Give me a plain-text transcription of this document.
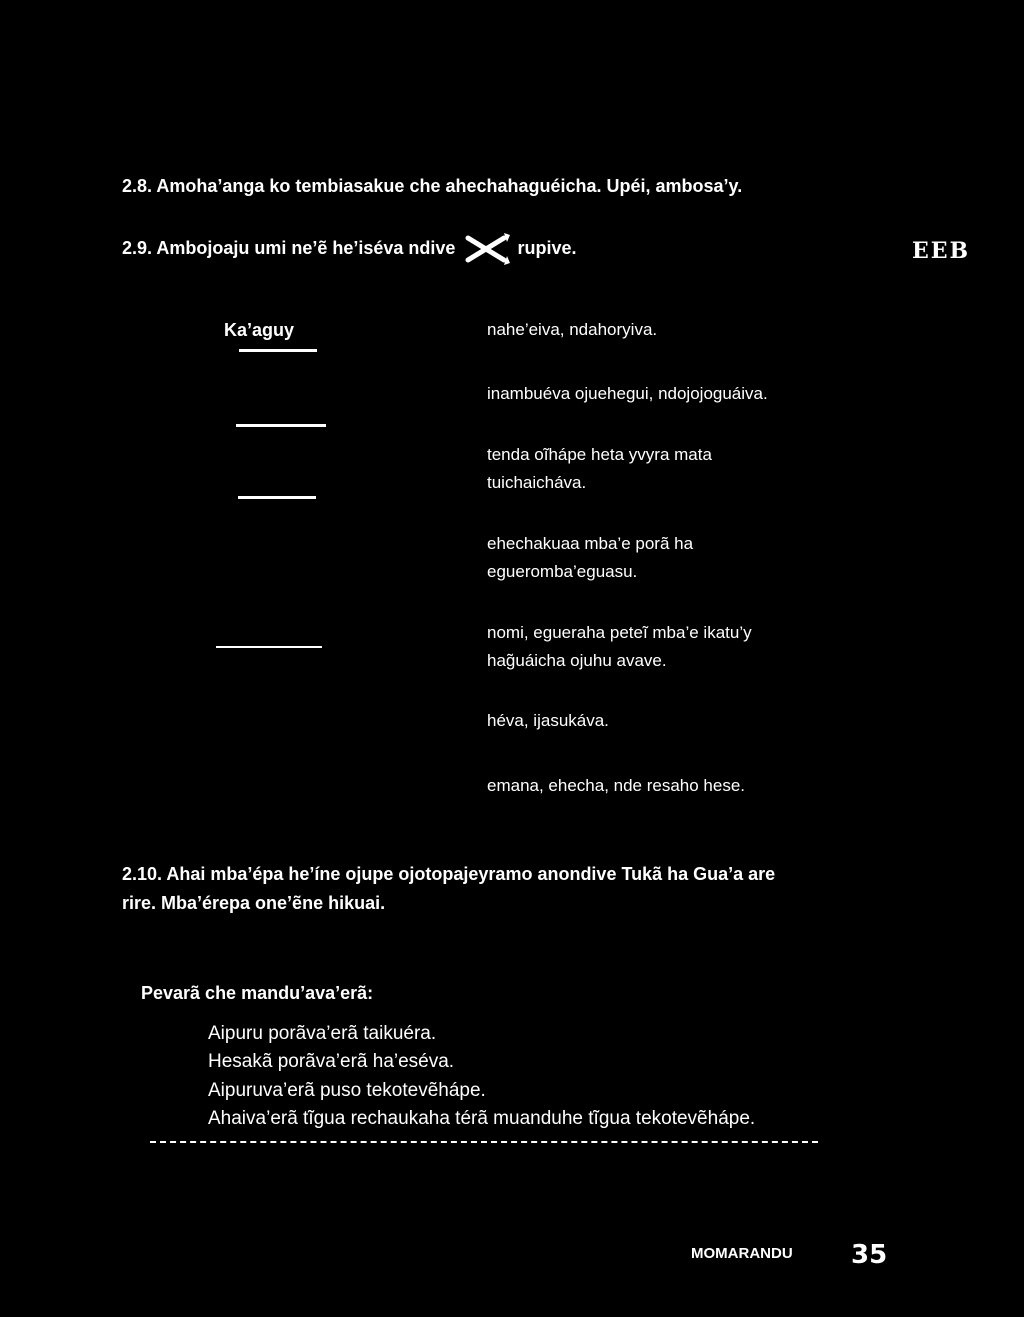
2.8. Amoha’anga ko tembiasakue che ahechahaguéicha. Upéi, ambosa’y.
2.9. Ambojoaju umi ne’ẽ he’iséva ndive	rupive.	EEB
Ka’aguy	nahe’eiva, ndahoryiva.
inambuéva ojuehegui, ndojojoguáiva.
tenda oĩhápe heta yvyra mata
tuichaicháva.
ehechakuaa mba’e porã ha
egueromba’eguasu.
nomi, egueraha peteĩ mba’e ikatu’y
hag̃uáicha ojuhu avave.
héva, ijasukáva.
emana, ehecha, nde resaho hese.
2.10. Ahai mba’épa he’íne ojupe ojotopajeyramo anondive Tukã ha Gua’a are
rire. Mba’érepa one’ẽne hikuai.
Pevarã che mandu’ava’erã:
Aipuru porãva’erã taikuéra.
Hesakã porãva’erã ha’eséva.
Aipuruva’erã puso tekotevẽhápe.
Ahaiva’erã tĩgua rechaukaha térã muanduhe tĩgua tekotevẽhápe.
MOMARANDU 35
